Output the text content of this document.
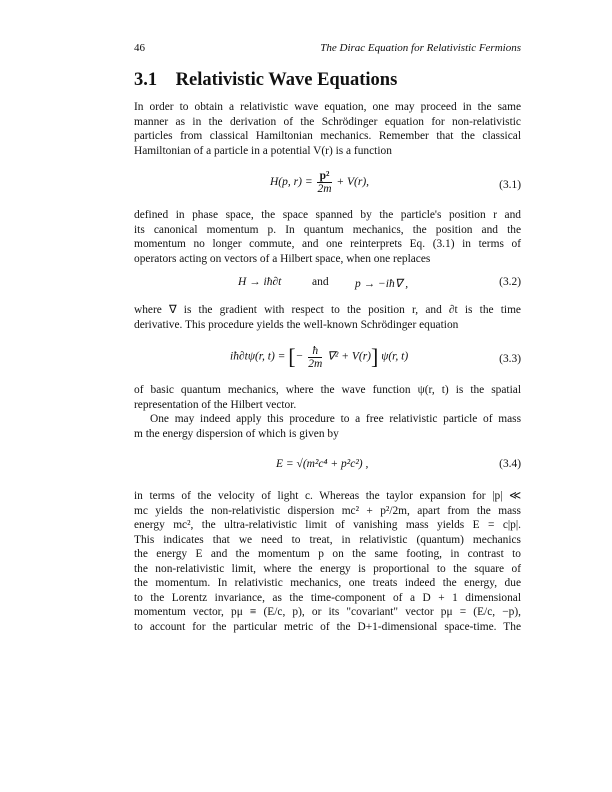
46	The Dirac Equation for Relativistic Fermions
3.1 Relativistic Wave Equations
In order to obtain a relativistic wave equation, one may proceed in the same
manner as in the derivation of the Schrödinger equation for non-relativistic
particles from classical Hamiltonian mechanics. Remember that the classical
Hamiltonian of a particle in a potential V(r) is a function
H(p, $r) = \frac{\text{p²}}{2m} + V(r)$,	(3.1)
defined in phase space, the space spanned by the particle's position r and
its canonical momentum p. In quantum mechanics, the position and the
momentum no longer commute, and one reinterprets Eq. (3.1) in terms of
operators acting on vectors of a Hilbert space, when one replaces
H → iħ∂t	and p → −iħ∇ ,	(3.2)
where ∇ is the gradient with respect to the position r, and ∂t is the time
derivative. This procedure yields the well-known Schrödinger equation
iħ∂tψ(r, t) = [− $\frac{ħ}{2m} \nabla^2 + V(r)$] ψ(r, t)	(3.3)
of basic quantum mechanics, where the wave function ψ(r, t) is the spatial
representation of the Hilbert vector.
One may indeed apply this procedure to a free relativistic particle of mass
m the energy dispersion of which is given by
E = √(m²c⁴ + p²c²) ,	(3.4)
in terms of the velocity of light c. Whereas the taylor expansion for |p| ≪
mc yields the non-relativistic dispersion mc² + p²/2m, apart from the mass
energy mc², the ultra-relativistic limit of vanishing mass yields E = c|p|.
This indicates that we need to treat, in relativistic (quantum) mechanics
the energy E and the momentum p on the same footing, in contrast to
the non-relativistic limit, where the energy is proportional to the square of
the momentum. In relativistic mechanics, one treats indeed the energy, due
to the Lorentz invariance, as the time-component of a D + 1 dimensional
momentum vector, pμ ≡ (E/c, p), or its "covariant" vector pμ = (E/c, −p),
to account for the particular metric of the D+1-dimensional space-time. The
